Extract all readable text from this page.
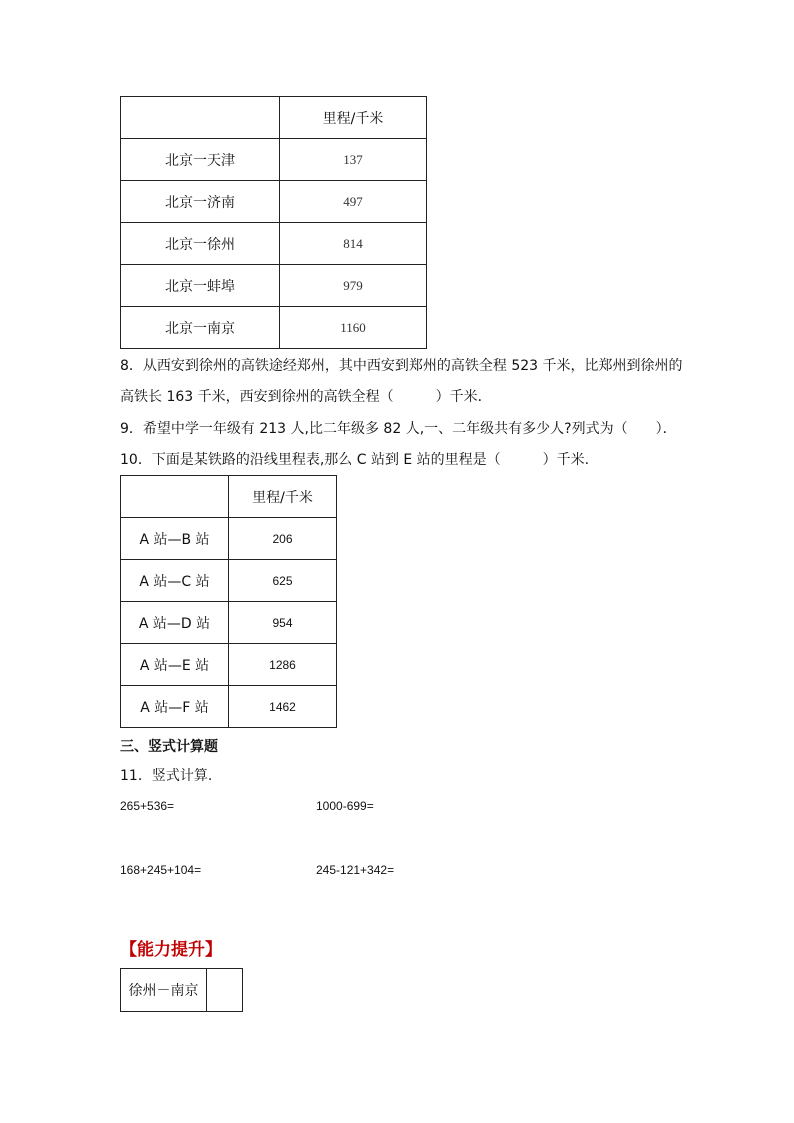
	里程/千米
北京一天津	137
北京一济南	497
北京一徐州	814
北京一蚌埠	979
北京一南京	1160
8．从西安到徐州的高铁途经郑州，其中西安到郑州的高铁全程 523 千米，比郑州到徐州的
高铁长 163 千米，西安到徐州的高铁全程（　　　）千米．
9．希望中学一年级有 213 人,比二年级多 82 人,一、二年级共有多少人?列式为（　　）．
10．下面是某铁路的沿线里程表,那么 C 站到 E 站的里程是（　　　）千米.
	里程/千米
A 站—B 站	206
A 站—C 站	625
A 站—D 站	954
A 站—E 站	1286
A 站—F 站	1462
三、竖式计算题
11．竖式计算.
265+536=	1000-699=
168+245+104=	245-121+342=
【能力提升】
徐州－南京	
